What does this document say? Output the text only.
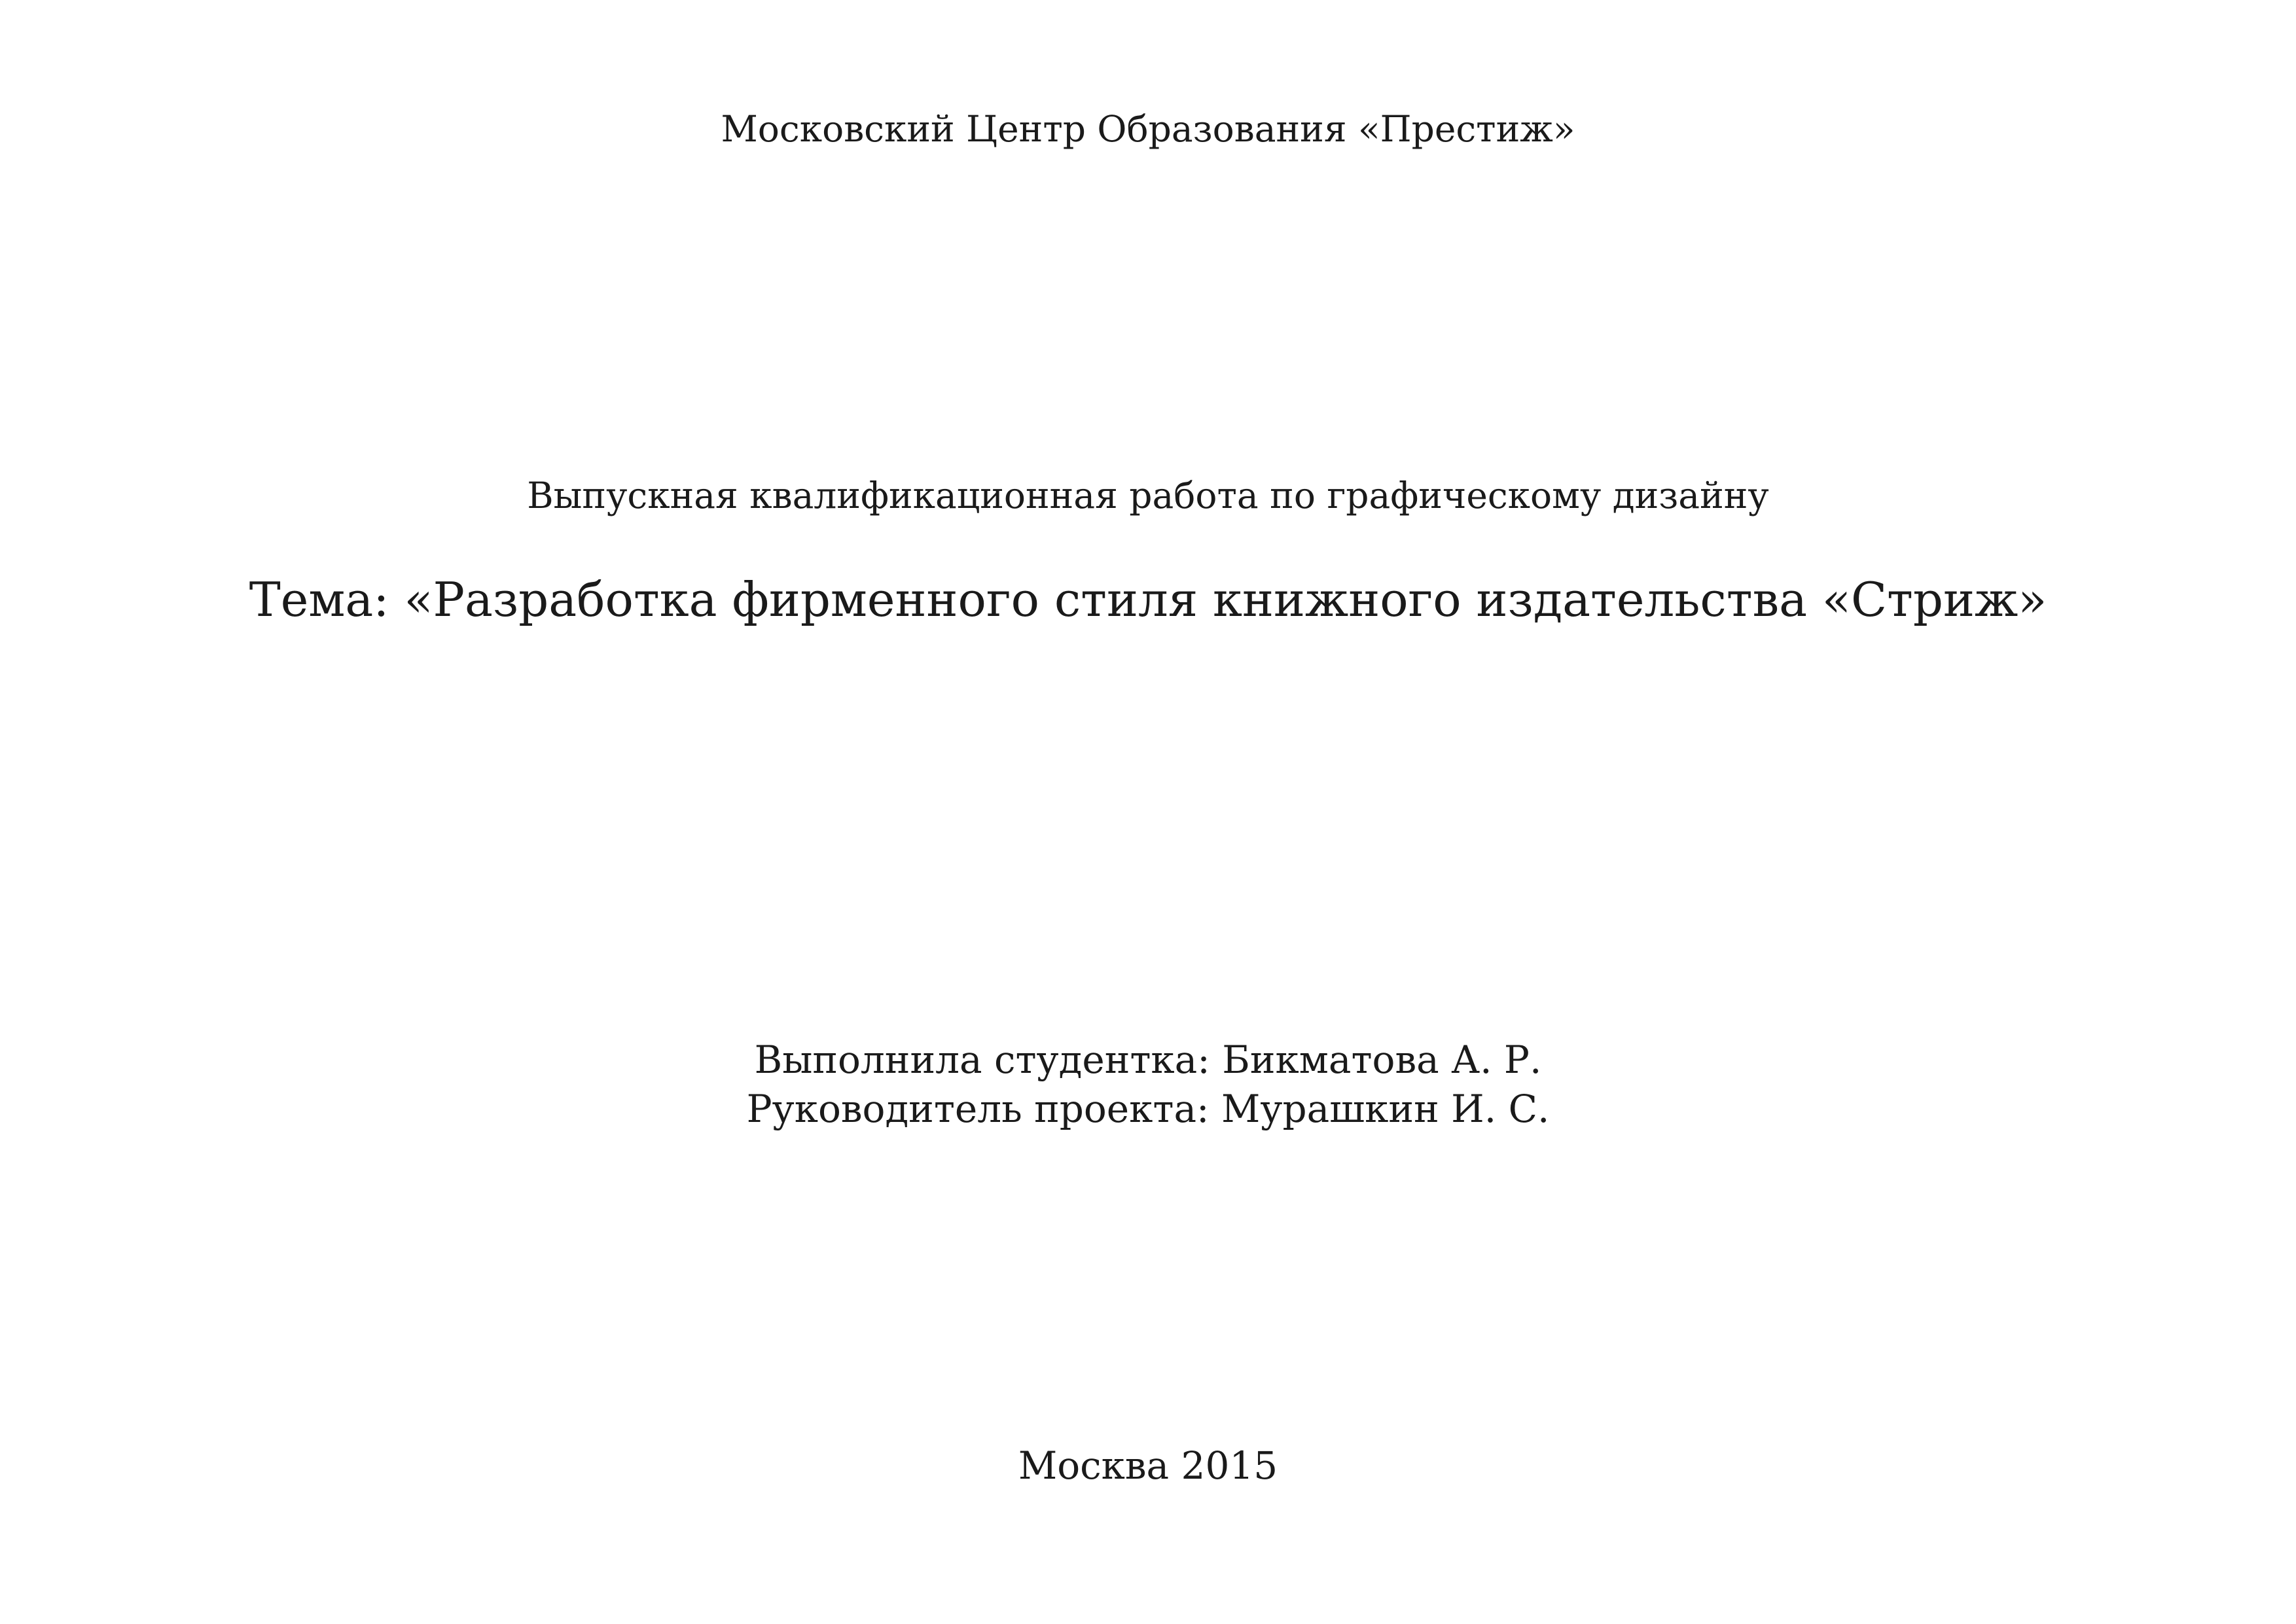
Московский Центр Образования «Престиж»
Выпускная квалификационная работа по графическому дизайну
Тема: «Разработка фирменного стиля книжного издательства «Стриж»
Выполнила студентка: Бикматова А. Р.
Руководитель проекта: Мурашкин И. С.
Москва 2015
